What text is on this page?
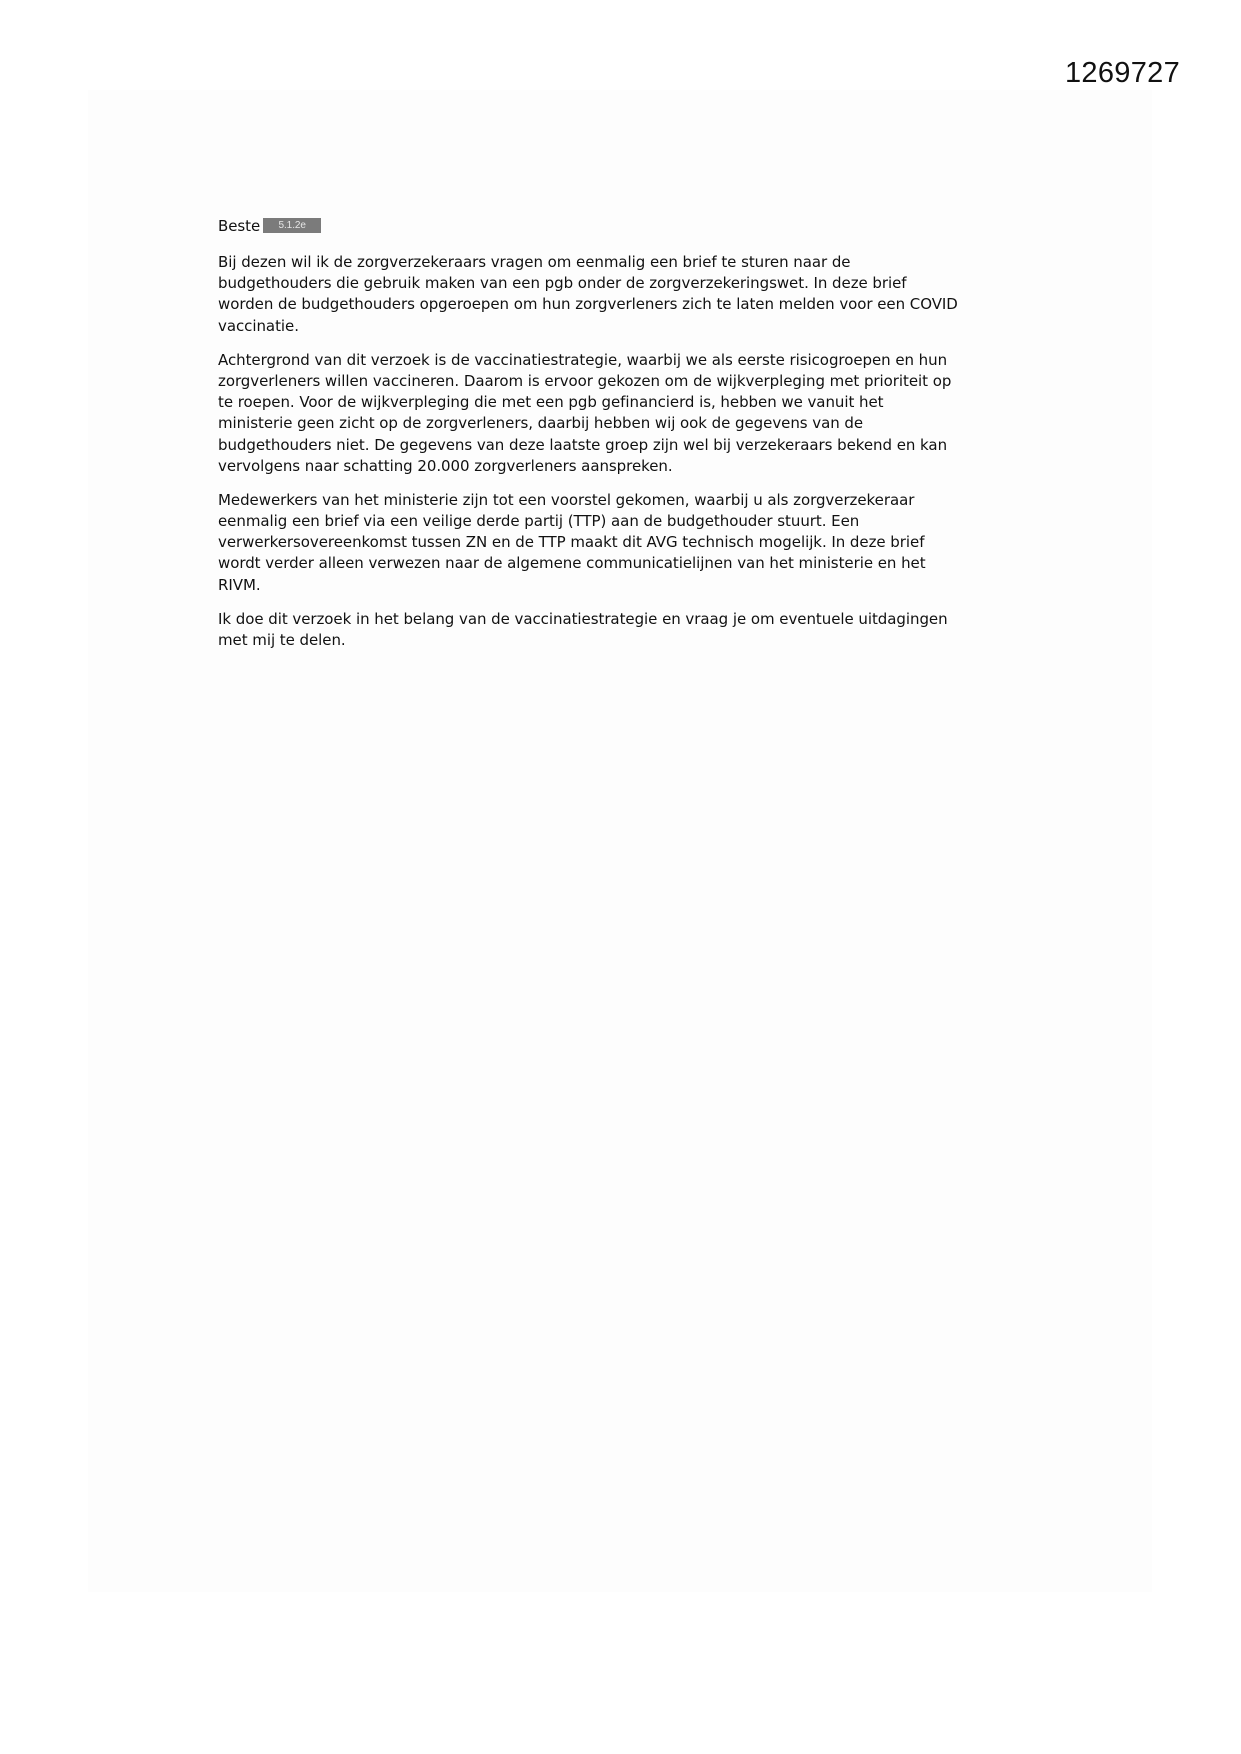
1269727
Beste	5.1.2e
Bij dezen wil ik de zorgverzekeraars vragen om eenmalig een brief te sturen naar de
budgethouders die gebruik maken van een pgb onder de zorgverzekeringswet. In deze brief
worden de budgethouders opgeroepen om hun zorgverleners zich te laten melden voor een COVID
vaccinatie.
Achtergrond van dit verzoek is de vaccinatiestrategie, waarbij we als eerste risicogroepen en hun
zorgverleners willen vaccineren. Daarom is ervoor gekozen om de wijkverpleging met prioriteit op
te roepen. Voor de wijkverpleging die met een pgb gefinancierd is, hebben we vanuit het
ministerie geen zicht op de zorgverleners, daarbij hebben wij ook de gegevens van de
budgethouders niet. De gegevens van deze laatste groep zijn wel bij verzekeraars bekend en kan
vervolgens naar schatting 20.000 zorgverleners aanspreken.
Medewerkers van het ministerie zijn tot een voorstel gekomen, waarbij u als zorgverzekeraar
eenmalig een brief via een veilige derde partij (TTP) aan de budgethouder stuurt. Een
verwerkersovereenkomst tussen ZN en de TTP maakt dit AVG technisch mogelijk. In deze brief
wordt verder alleen verwezen naar de algemene communicatielijnen van het ministerie en het
RIVM.
Ik doe dit verzoek in het belang van de vaccinatiestrategie en vraag je om eventuele uitdagingen
met mij te delen.
